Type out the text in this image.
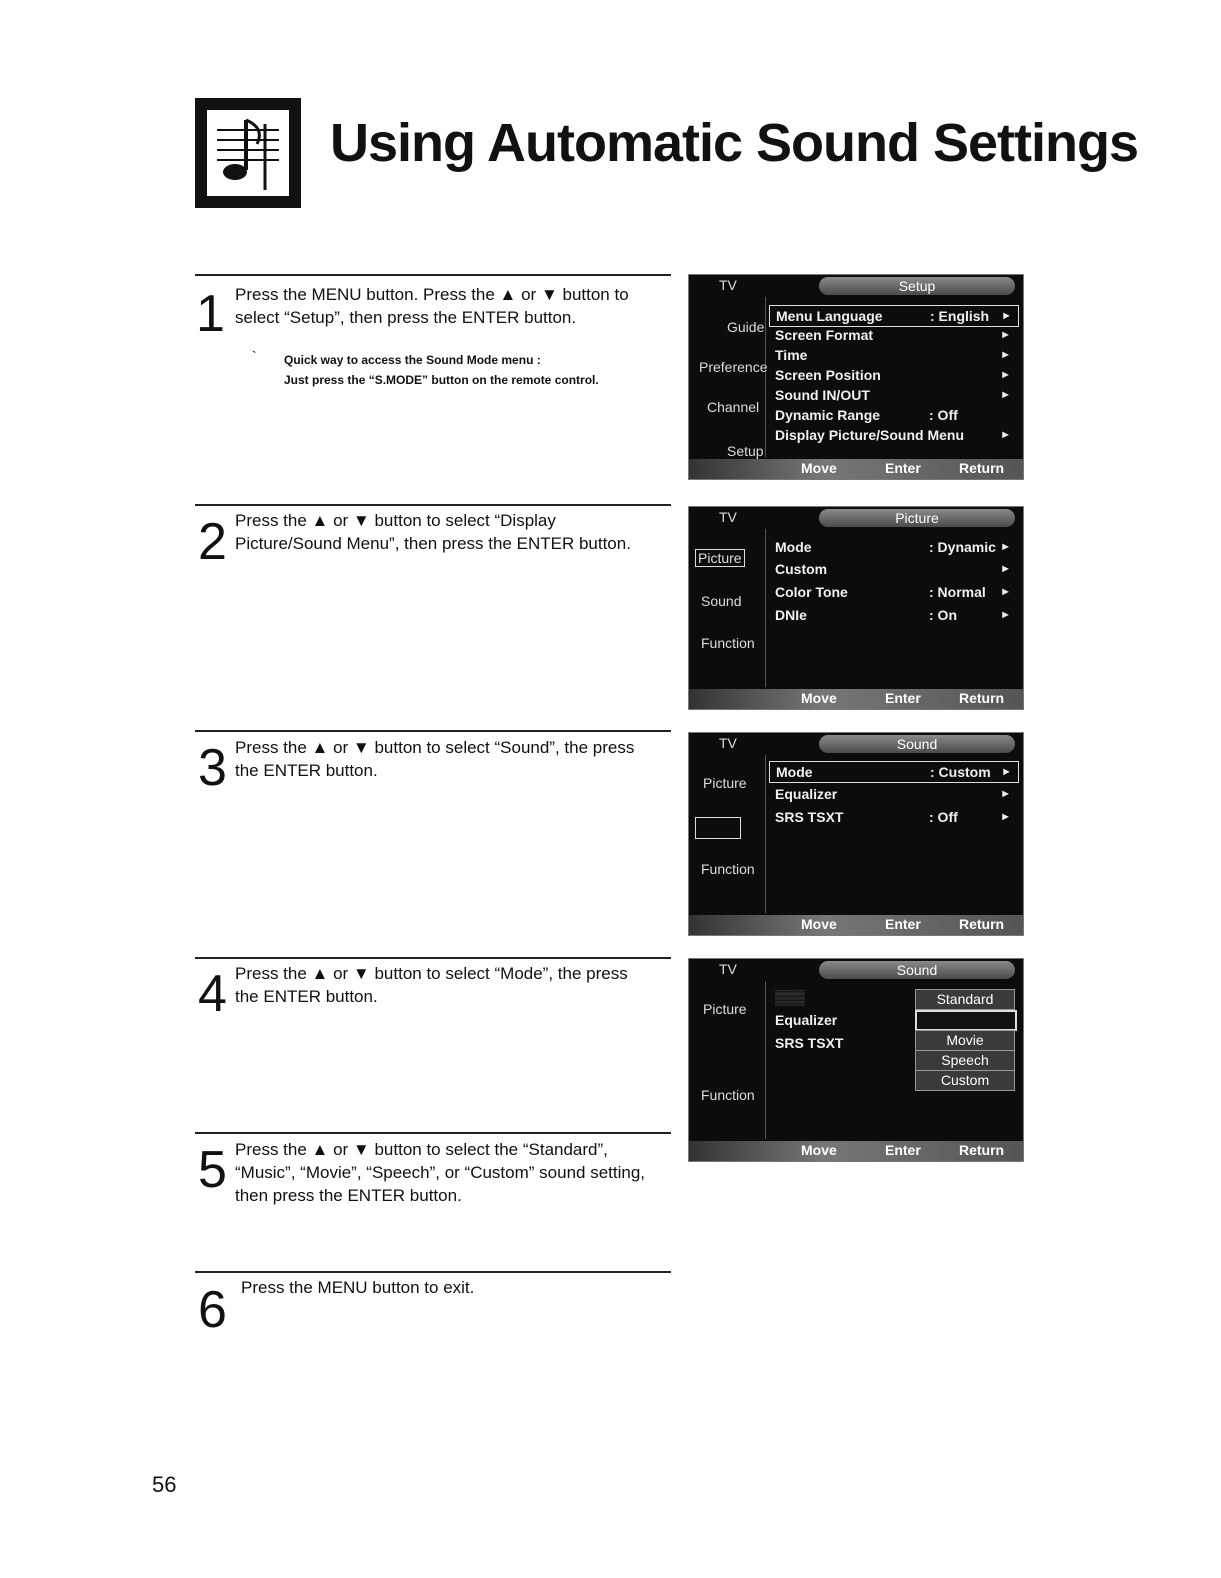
Using Automatic Sound Settings
1 Press the MENU button. Press the ▲ or ▼ button to select “Setup”, then press the ENTER button.
` Quick way to access the Sound Mode menu :
Just press the “S.MODE” button on the remote control.
2 Press the ▲ or ▼ button to select “Display Picture/Sound Menu”, then press the ENTER button.
3 Press the ▲ or ▼ button to select “Sound”, the press the ENTER button.
4 Press the ▲ or ▼ button to select “Mode”, the press the ENTER button.
5 Press the ▲ or ▼ button to select the “Standard”, “Music”, “Movie”, “Speech”, or “Custom” sound setting, then press the ENTER button.
6 Press the MENU button to exit.
TV	Setup
Guide
Preference
Channel
Setup
Menu Language	: English ►
Screen Format	►
Time	►
Screen Position	►
Sound IN/OUT	►
Dynamic Range	: Off
Display Picture/Sound Menu	►
Move	Enter	Return
TV	Picture
Picture
Sound
Function
Mode	: Dynamic ►
Custom	►
Color Tone	: Normal ►
DNIe	: On	►
Move	Enter	Return
TV	Sound
Picture
Function
Mode	: Custom ►
Equalizer	►
SRS TSXT	: Off	►
Move	Enter	Return
TV	Sound
Picture
Function
▒▒▒
Equalizer
SRS TSXT
Standard
Movie
Speech
Custom
Move	Enter	Return
56
